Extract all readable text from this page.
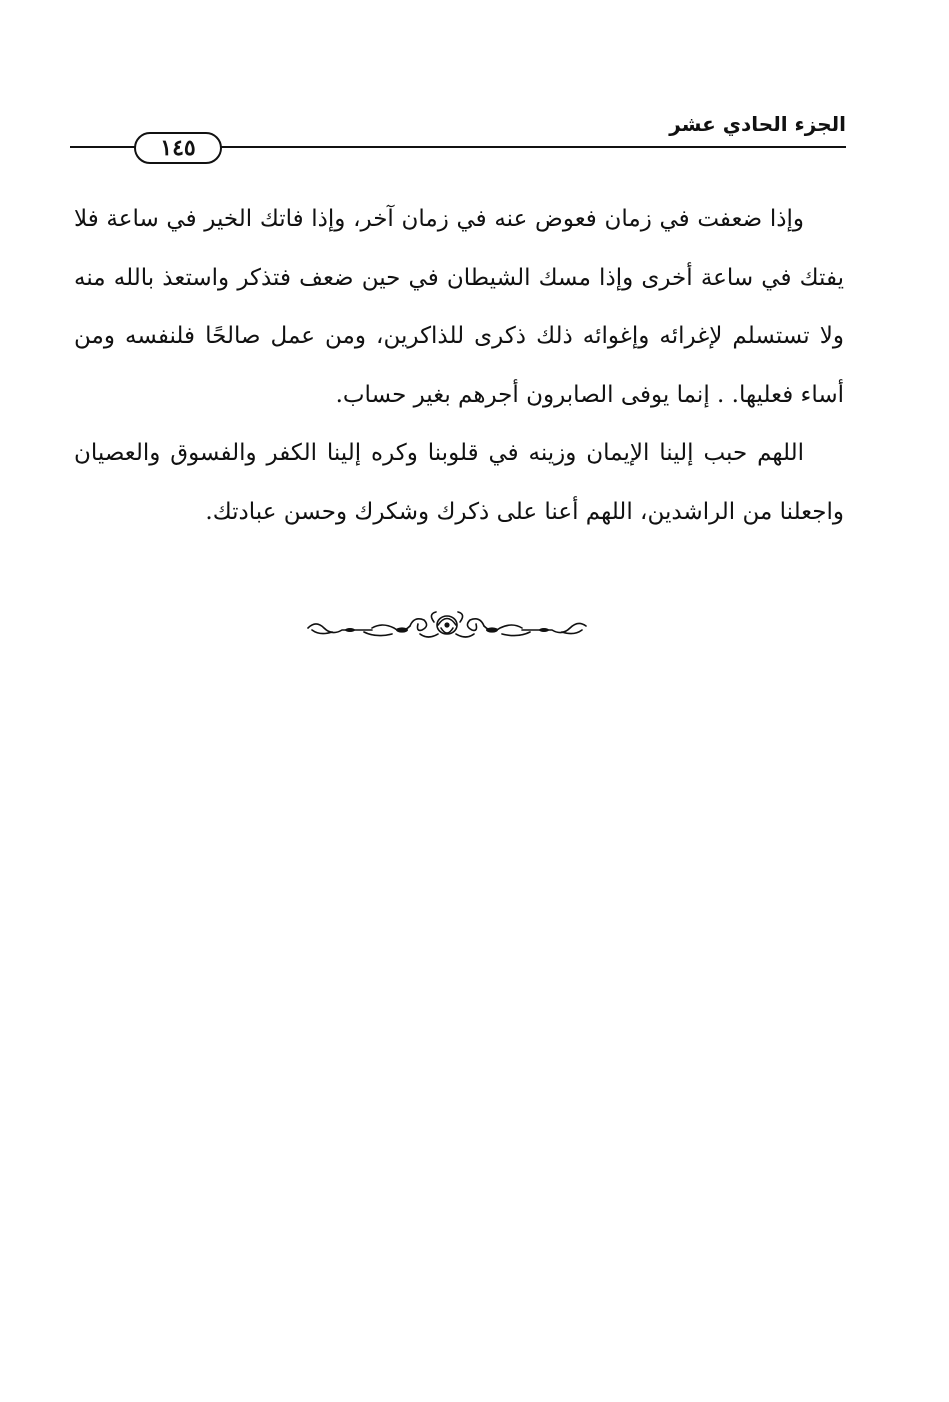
الجزء الحادي عشر
١٤٥

وإذا ضعفت في زمان فعوض عنه في زمان آخر، وإذا فاتك الخير في ساعة فلا يفتك في ساعة أخرى وإذا مسك الشيطان في حين ضعف فتذكر واستعذ بالله منه ولا تستسلم لإغرائه وإغوائه ذلك ذكرى للذاكرين، ومن عمل صالحًا فلنفسه ومن أساء فعليها. . إنما يوفى الصابرون أجرهم بغير حساب.

اللهم حبب إلينا الإيمان وزينه في قلوبنا وكره إلينا الكفر والفسوق والعصيان واجعلنا من الراشدين، اللهم أعنا على ذكرك وشكرك وحسن عبادتك.
